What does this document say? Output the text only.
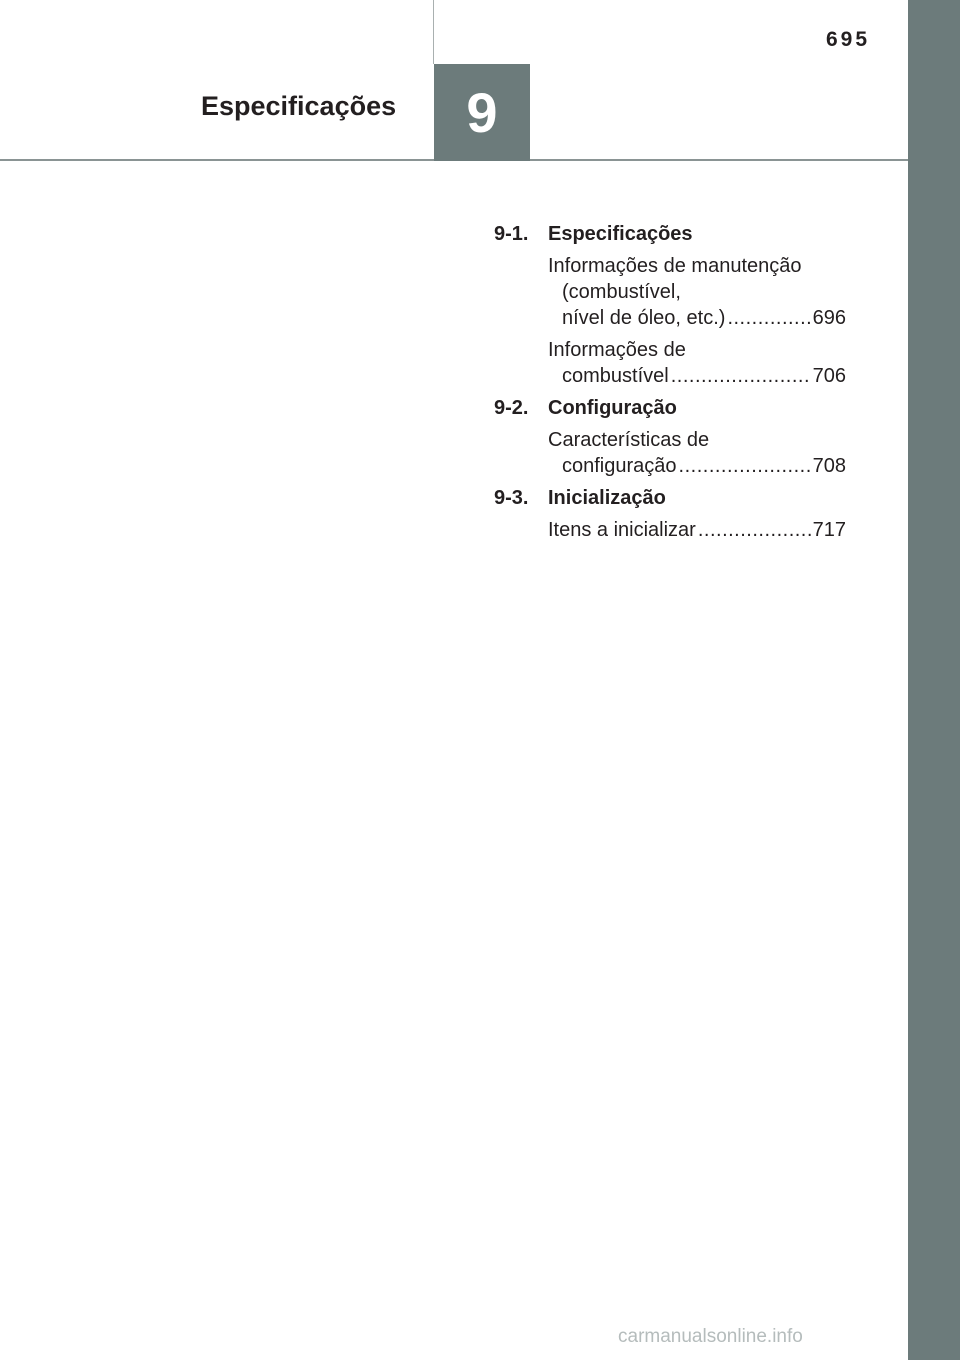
695
Especificações 9
9-1. Especificações
Informações de manutenção
(combustível,
nível de óleo, etc.) .....	696
Informações de
combustível .....	706
9-2. Configuração
Características de
configuração .....	708
9-3. Inicialização
Itens a inicializar .....	717
carmanualsonline.info
